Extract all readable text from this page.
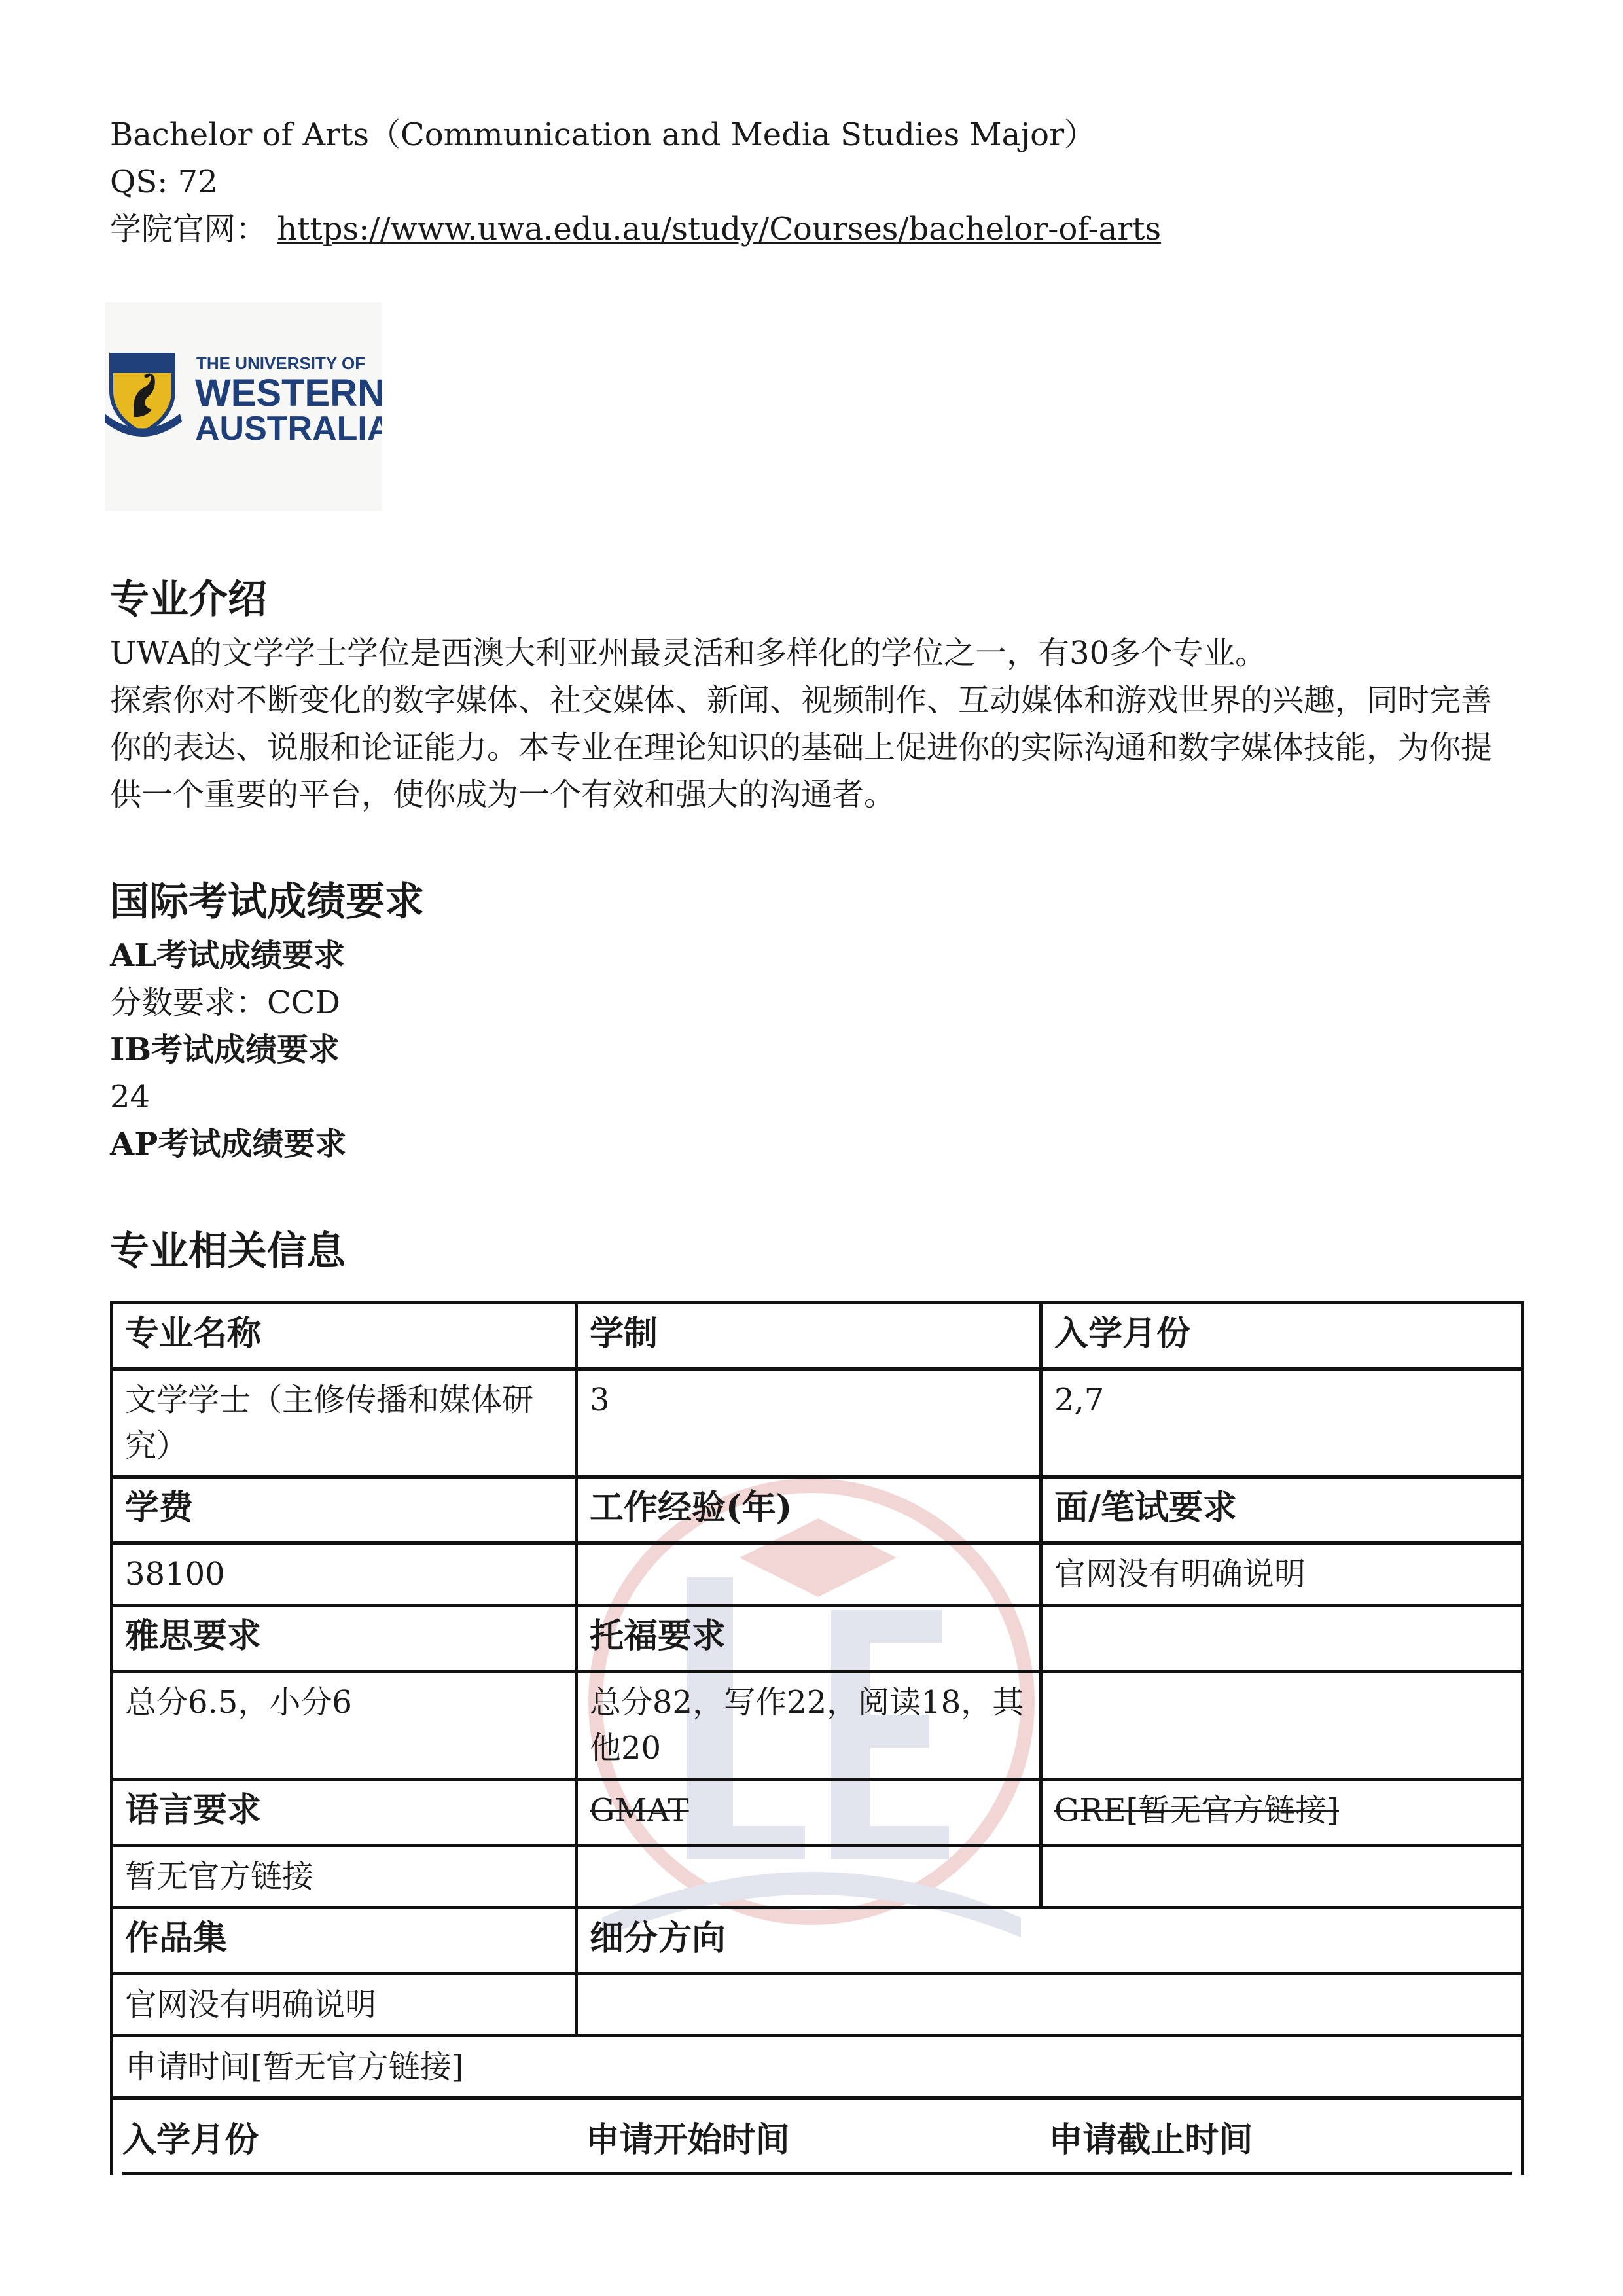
Bachelor of Arts（Communication and Media Studies Major）
QS: 72
学院官网： https://www.uwa.edu.au/study/Courses/bachelor-of-arts
THE UNIVERSITY OF
WESTERN
AUSTRALIA
专业介绍

UWA的文学学士学位是西澳大利亚州最灵活和多样化的学位之一，有30多个专业。

探索你对不断变化的数字媒体、社交媒体、新闻、视频制作、互动媒体和游戏世界的兴趣，同时完善你的表达、说服和论证能力。本专业在理论知识的基础上促进你的实际沟通和数字媒体技能，为你提供一个重要的平台，使你成为一个有效和强大的沟通者。

国际考试成绩要求
AL考试成绩要求
分数要求：CCD
IB考试成绩要求
24
AP考试成绩要求
专业相关信息
专业名称	学制	入学月份
文学学士（主修传播和媒体研究）	3	2,7
学费	工作经验(年)	面/笔试要求
38100		官网没有明确说明
雅思要求	托福要求	
总分6.5，小分6	总分82，写作22，阅读18，其他20	
语言要求	GMAT	GRE[暂无官方链接]
暂无官方链接		
作品集	细分方向	
官网没有明确说明		
申请时间[暂无官方链接]		

入学月份 申请开始时间 申请截止时间		
